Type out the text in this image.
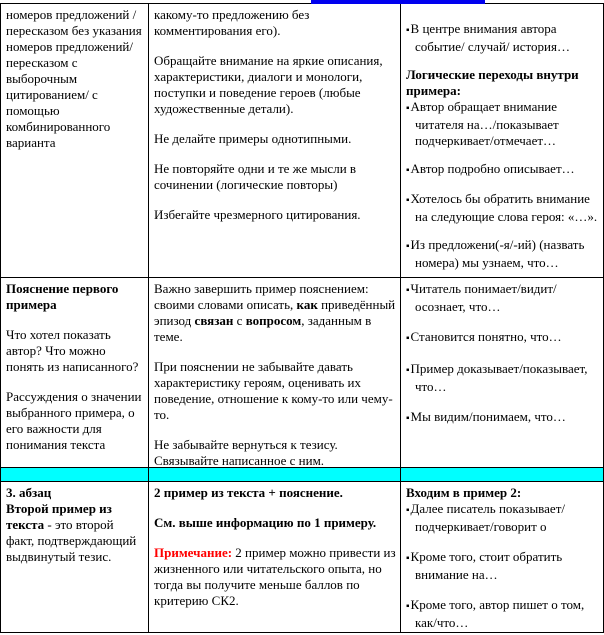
номеров предложений / пересказом без указания номеров предложений/ пересказом с выборочным цитированием/ с помощью комбинированного варианта

какому-то предложению без комментирования его).

Обращайте внимание на яркие описания, характеристики, диалоги и монологи, поступки и поведение героев (любые художественные детали).

Не делайте примеры однотипными.

Не повторяйте одни и те же мысли в сочинении (логические повторы)

Избегайте чрезмерного цитирования.

▪В центре внимания автора событие/ случай/ история…

Логические переходы внутри примера:

▪Автор обращает внимание читателя на…/показывает подчеркивает/отмечает…
▪Автор подробно описывает…
▪Хотелось бы обратить внимание на следующие слова героя: «…».
▪Из предложени(-я/-ий) (назвать номера) мы узнаем, что…

Пояснение первого примера

Что хотел показать автор? Что можно понять из написанного?

Рассуждения о значении выбранного примера, о его важности для понимания текста

Важно завершить пример пояснением: своими словами описать, как приведённый эпизод связан с вопросом, заданным в теме.

При пояснении не забывайте давать характеристику героям, оценивать их поведение, отношение к кому-то или чему-то.

Не забывайте вернуться к тезису. Связывайте написанное с ним.

▪Читатель понимает/видит/осознает, что…
▪Становится понятно, что…
▪Пример доказывает/показывает, что…
▪Мы видим/понимаем, что…

3. абзац

Второй пример из текста - это второй факт, подтверждающий выдвинутый тезис.

2 пример из текста + пояснение.

См. выше информацию по 1 примеру.

Примечание: 2 пример можно привести из жизненного или читательского опыта, но тогда вы получите меньше баллов по критерию СК2.

Входим в пример 2:

▪Далее писатель показывает/ подчеркивает/говорит о
▪Кроме того, стоит обратить внимание на…
▪Кроме того, автор пишет о том, как/что…
